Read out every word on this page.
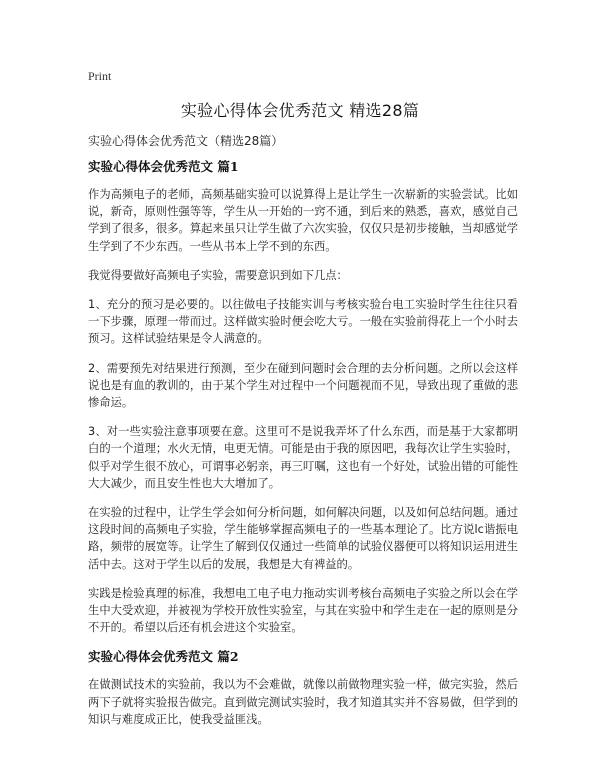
Print
实验心得体会优秀范文 精选28篇
实验心得体会优秀范文（精选28篇）
实验心得体会优秀范文 篇1

作为高频电子的老师，高频基础实验可以说算得上是让学生一次崭新的实验尝试。比如说，新奇，原则性强等等，学生从一开始的一窍不通，到后来的熟悉，喜欢，感觉自己学到了很多，很多。算起来虽只让学生做了六次实验，仅仅只是初步接触，当却感觉学生学到了不少东西。一些从书本上学不到的东西。

我觉得要做好高频电子实验，需要意识到如下几点：

1、充分的预习是必要的。以往做电子技能实训与考核实验台电工实验时学生往往只看一下步骤，原理一带而过。这样做实验时便会吃大亏。一般在实验前得花上一个小时去预习。这样试验结果是令人满意的。

2、需要预先对结果进行预测，至少在碰到问题时会合理的去分析问题。之所以会这样说也是有血的教训的，由于某个学生对过程中一个问题视而不见，导致出现了重做的悲惨命运。

3、对一些实验注意事项要在意。这里可不是说我弄坏了什么东西，而是基于大家都明白的一个道理；水火无情，电更无情。可能是由于我的原因吧，我每次让学生实验时，似乎对学生很不放心，可谓事必躬亲，再三叮嘱，这也有一个好处，试验出错的可能性大大减少，而且安生性也大大增加了。

在实验的过程中，让学生学会如何分析问题，如何解决问题，以及如何总结问题。通过这段时间的高频电子实验，学生能够掌握高频电子的一些基本理论了。比方说lc谐振电路，频带的展宽等。让学生了解到仅仅通过一些简单的试验仪器便可以将知识运用进生活中去。这对于学生以后的发展，我想是大有裨益的。

实践是检验真理的标准，我想电工电子电力拖动实训考核台高频电子实验之所以会在学生中大受欢迎，并被视为学校开放性实验室，与其在实验中和学生走在一起的原则是分不开的。希望以后还有机会进这个实验室。

实验心得体会优秀范文 篇2

在做测试技术的实验前，我以为不会难做，就像以前做物理实验一样，做完实验，然后两下子就将实验报告做完。直到做完测试实验时，我才知道其实并不容易做，但学到的知识与难度成正比，使我受益匪浅。
